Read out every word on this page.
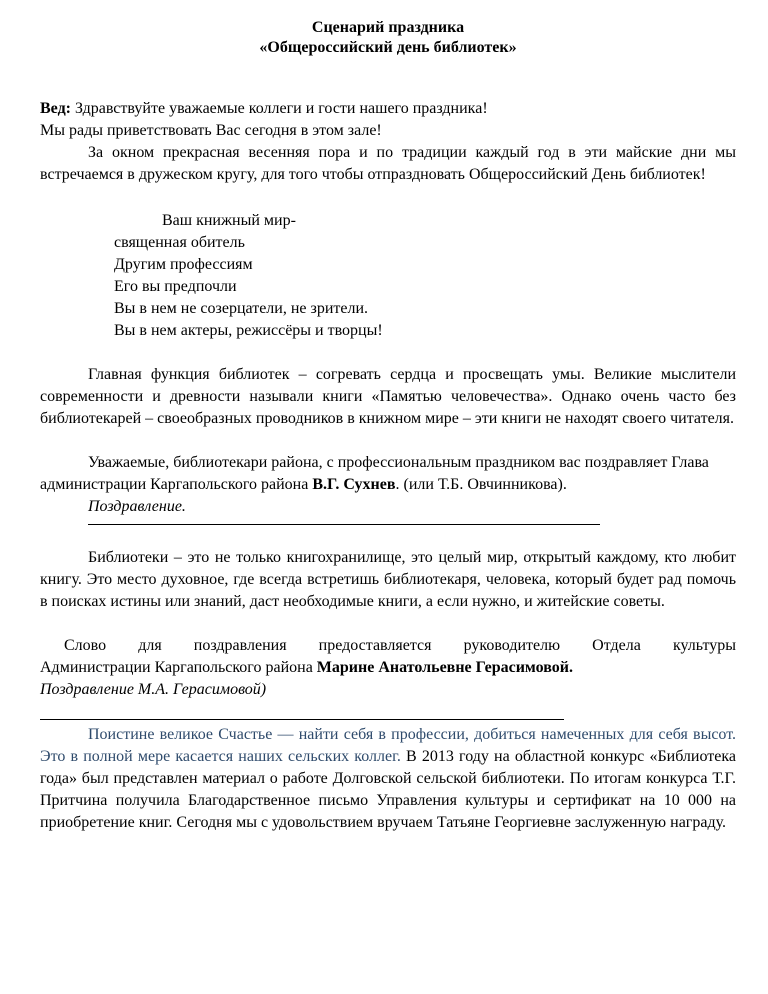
Сценарий праздника
«Общероссийский день библиотек»

Вед: Здравствуйте уважаемые коллеги и гости нашего праздника!

Мы рады приветствовать Вас сегодня в этом зале!

За окном прекрасная весенняя пора и по традиции каждый год в эти майские дни мы встречаемся в дружеском кругу, для того чтобы отпраздновать Общероссийский День библиотек!

Ваш книжный мир-
священная обитель
Другим профессиям
Его вы предпочли
Вы в нем не созерцатели, не зрители.
Вы в нем актеры, режиссёры и творцы!

Главная функция библиотек – согревать сердца и просвещать умы. Великие мыслители современности и древности называли книги «Памятью человечества». Однако очень часто без библиотекарей – своеобразных проводников в книжном мире – эти книги не находят своего читателя.

Уважаемые, библиотекари района, с профессиональным праздником вас поздравляет Глава администрации Каргапольского района В.Г. Сухнев. (или Т.Б. Овчинникова).

Поздравление.

Библиотеки – это не только книгохранилище, это целый мир, открытый каждому, кто любит книгу. Это место духовное, где всегда встретишь библиотекаря, человека, который будет рад помочь в поисках истины или знаний, даст необходимые книги, а если нужно, и житейские советы.

Слово для поздравления предоставляется руководителю Отдела культуры

Администрации Каргапольского района Марине Анатольевне Герасимовой.

Поздравление М.А. Герасимовой)

Поистине великое Счастье — найти себя в профессии, добиться намеченных для себя высот. Это в полной мере касается наших сельских коллег. В 2013 году на областной конкурс «Библиотека года» был представлен материал о работе Долговской сельской библиотеки. По итогам конкурса Т.Г. Притчина получила Благодарственное письмо Управления культуры и сертификат на 10 000 на приобретение книг. Сегодня мы с удовольствием вручаем Татьяне Георгиевне заслуженную награду.
